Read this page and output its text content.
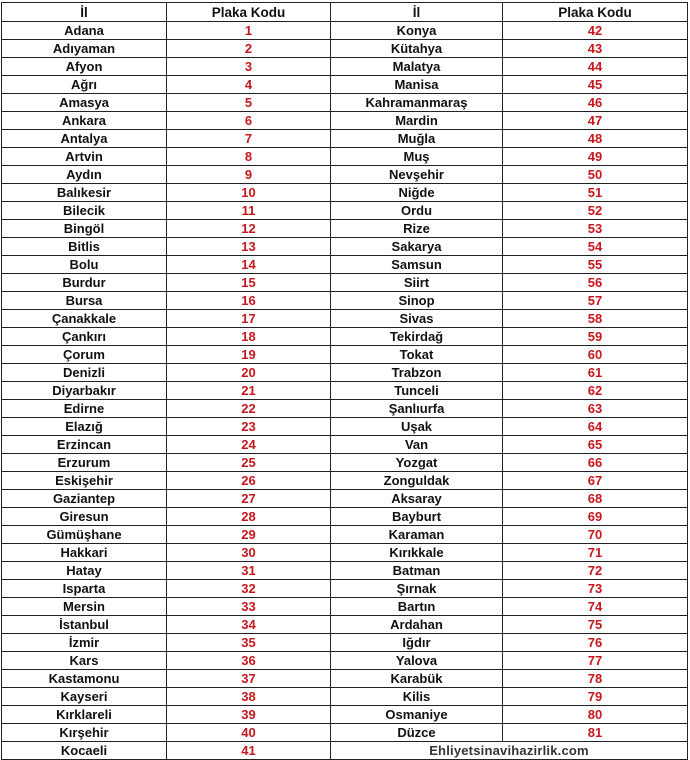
İl	Plaka Kodu	İl	Plaka Kodu
Adana	1	Konya	42
Adıyaman	2	Kütahya	43
Afyon	3	Malatya	44
Ağrı	4	Manisa	45
Amasya	5	Kahramanmaraş	46
Ankara	6	Mardin	47
Antalya	7	Muğla	48
Artvin	8	Muş	49
Aydın	9	Nevşehir	50
Balıkesir	10	Niğde	51
Bilecik	11	Ordu	52
Bingöl	12	Rize	53
Bitlis	13	Sakarya	54
Bolu	14	Samsun	55
Burdur	15	Siirt	56
Bursa	16	Sinop	57
Çanakkale	17	Sivas	58
Çankırı	18	Tekirdağ	59
Çorum	19	Tokat	60
Denizli	20	Trabzon	61
Diyarbakır	21	Tunceli	62
Edirne	22	Şanlıurfa	63
Elazığ	23	Uşak	64
Erzincan	24	Van	65
Erzurum	25	Yozgat	66
Eskişehir	26	Zonguldak	67
Gaziantep	27	Aksaray	68
Giresun	28	Bayburt	69
Gümüşhane	29	Karaman	70
Hakkari	30	Kırıkkale	71
Hatay	31	Batman	72
Isparta	32	Şırnak	73
Mersin	33	Bartın	74
İstanbul	34	Ardahan	75
İzmir	35	Iğdır	76
Kars	36	Yalova	77
Kastamonu	37	Karabük	78
Kayseri	38	Kilis	79
Kırklareli	39	Osmaniye	80
Kırşehir	40	Düzce	81
Kocaeli	41	Ehliyetsinavihazirlik.com	
